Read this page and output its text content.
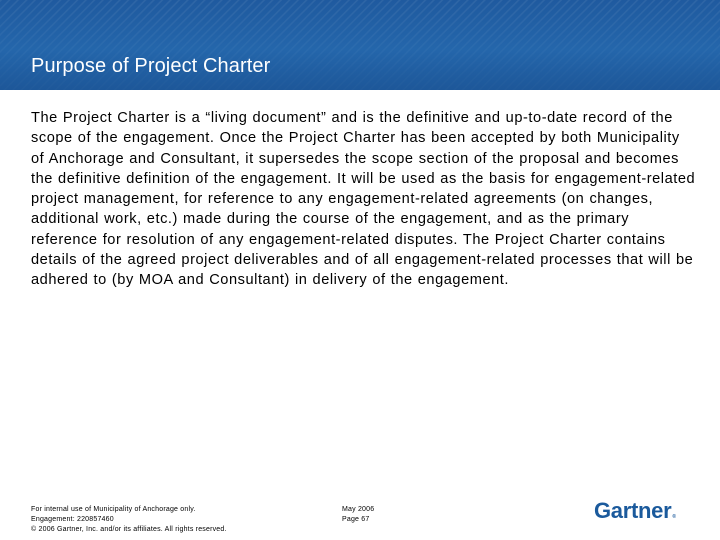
Purpose of Project Charter

The Project Charter is a “living document” and is the definitive and up-to-date record of the scope of the engagement. Once the Project Charter has been accepted by both Municipality of Anchorage and Consultant, it supersedes the scope section of the proposal and becomes the definitive definition of the engagement. It will be used as the basis for engagement-related project management, for reference to any engagement-related agreements (on changes, additional work, etc.) made during the course of the engagement, and as the primary reference for resolution of any engagement-related disputes. The Project Charter contains details of the agreed project deliverables and of all engagement-related processes that will be adhered to (by MOA and Consultant) in delivery of the engagement.

For internal use of Municipality of Anchorage only.
Engagement: 220857460
© 2006 Gartner, Inc. and/or its affiliates. All rights reserved.
May 2006
Page 67	Gartner®
